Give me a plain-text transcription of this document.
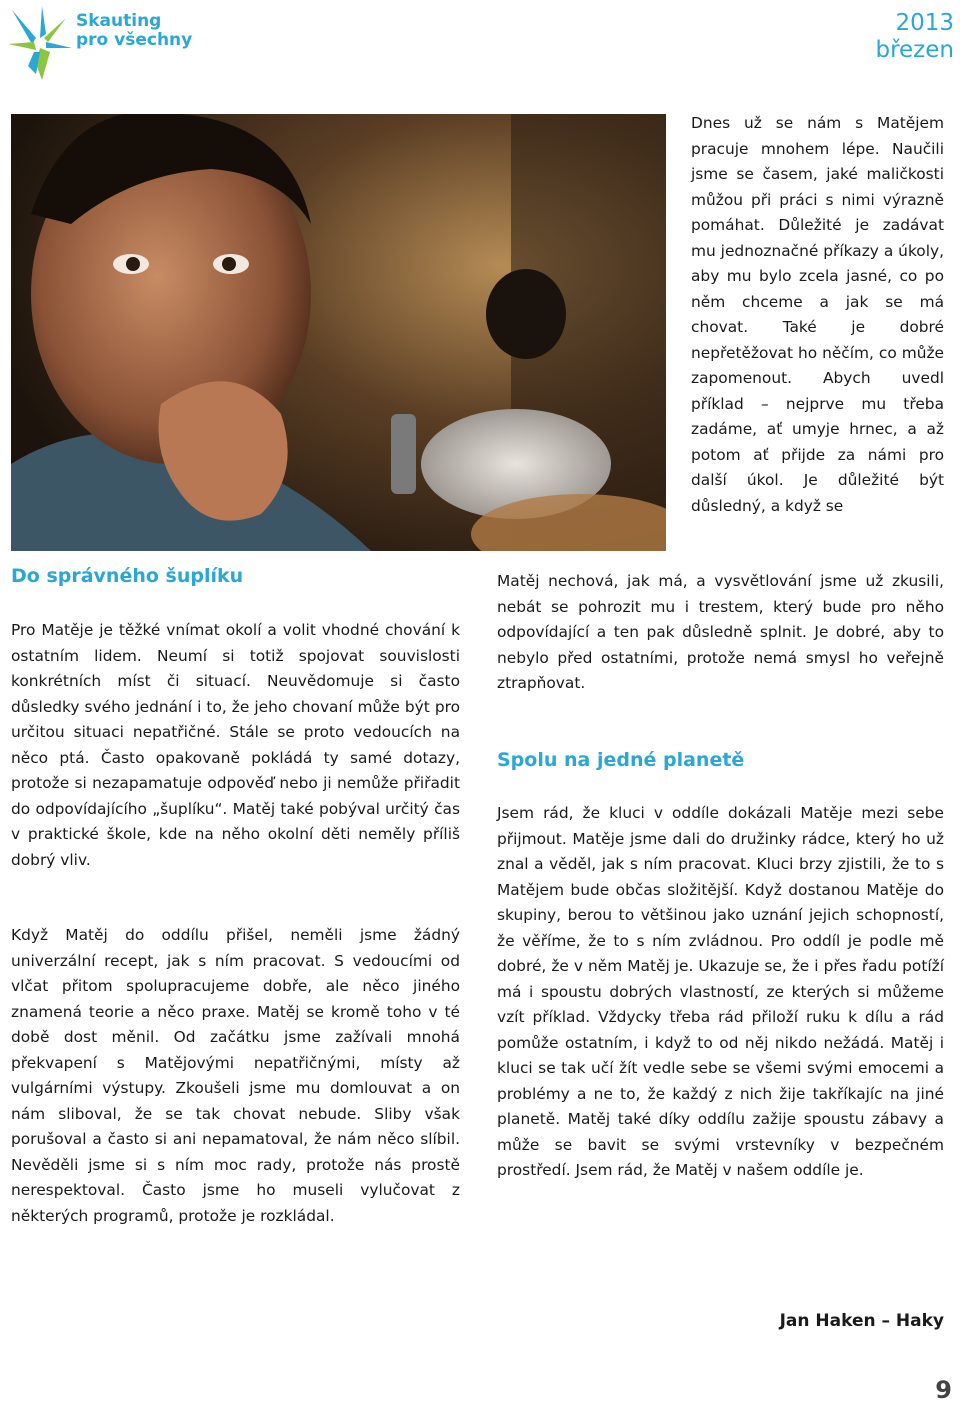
Skauting
pro všechny
2013
březen

Dnes už se nám s Matějem pracuje mnohem lépe. Naučili jsme se časem, jaké maličkosti můžou při práci s nimi výrazně pomáhat. Důležité je zadávat mu jednoznačné příkazy a úkoly, aby mu bylo zcela jasné, co po něm chceme a jak se má chovat. Také je dobré nepřetěžovat ho něčím, co může zapomenout. Abych uvedl příklad – nejprve mu třeba zadáme, ať umyje hrnec, a až potom ať přijde za námi pro další úkol. Je důležité být důsledný, a když se

Matěj nechová, jak má, a vysvětlování jsme už zkusili, nebát se pohrozit mu i trestem, který bude pro něho odpovídající a ten pak důsledně splnit. Je dobré, aby to nebylo před ostatními, protože nemá smysl ho veřejně ztrapňovat.

Do správného šuplíku

Pro Matěje je těžké vnímat okolí a volit vhodné chování k ostatním lidem. Neumí si totiž spojovat souvislosti konkrétních míst či situací. Neuvědomuje si často důsledky svého jednání i to, že jeho chovaní může být pro určitou situaci nepatřičné. Stále se proto vedoucích na něco ptá. Často opakovaně pokládá ty samé dotazy, protože si nezapamatuje odpověď nebo ji nemůže přiřadit do odpovídajícího „šuplíku“. Matěj také pobýval určitý čas v praktické škole, kde na něho okolní děti neměly příliš dobrý vliv.

Když Matěj do oddílu přišel, neměli jsme žádný univerzální recept, jak s ním pracovat. S vedoucími od vlčat přitom spolupracujeme dobře, ale něco jiného znamená teorie a něco praxe. Matěj se kromě toho v té době dost měnil. Od začátku jsme zažívali mnohá překvapení s Matějovými nepatřičnými, místy až vulgárními výstupy. Zkoušeli jsme mu domlouvat a on nám sliboval, že se tak chovat nebude. Sliby však porušoval a často si ani nepamatoval, že nám něco slíbil. Nevěděli jsme si s ním moc rady, protože nás prostě nerespektoval. Často jsme ho museli vylučovat z některých programů, protože je rozkládal.

Spolu na jedné planetě

Jsem rád, že kluci v oddíle dokázali Matěje mezi sebe přijmout. Matěje jsme dali do družinky rádce, který ho už znal a věděl, jak s ním pracovat. Kluci brzy zjistili, že to s Matějem bude občas složitější. Když dostanou Matěje do skupiny, berou to většinou jako uznání jejich schopností, že věříme, že to s ním zvládnou. Pro oddíl je podle mě dobré, že v něm Matěj je. Ukazuje se, že i přes řadu potíží má i spoustu dobrých vlastností, ze kterých si můžeme vzít příklad. Vždycky třeba rád přiloží ruku k dílu a rád pomůže ostatním, i když to od něj nikdo nežádá. Matěj i kluci se tak učí žít vedle sebe se všemi svými emocemi a problémy a ne to, že každý z nich žije takříkajíc na jiné planetě. Matěj také díky oddílu zažije spoustu zábavy a může se bavit se svými vrstevníky v bezpečném prostředí. Jsem rád, že Matěj v našem oddíle je.

Jan Haken – Haky
9
